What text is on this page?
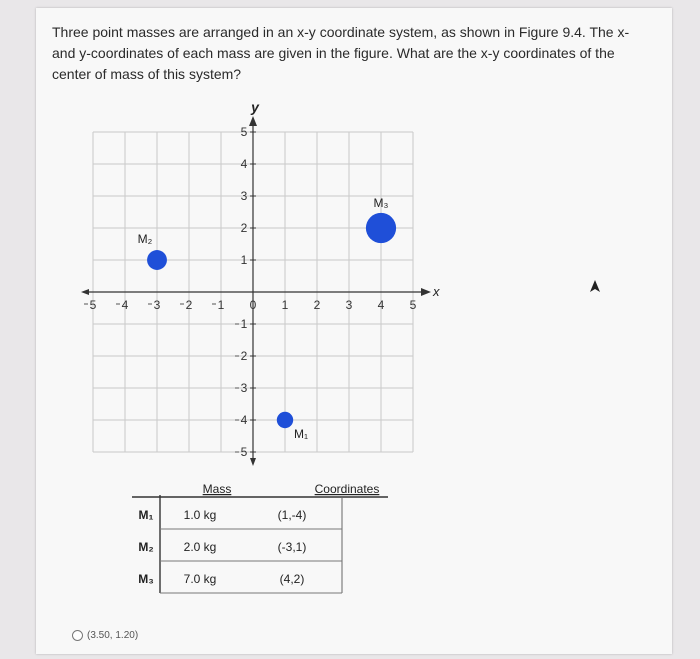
Three point masses are arranged in an x-y coordinate system, as shown in Figure 9.4. The x- and y-coordinates of each mass are given in the figure. What are the x-y coordinates of the center of mass of this system?
x
y
5 4 3 2 1 0 1 2 3 4 5
5
4
3
2
1
1
2
3
4
5
M₁
M₂
M₃
Mass	Coordinates
M₁	1.0 kg	(1,-4)
M₂ 2.0 kg	(-3,1)
M₃ 7.0 kg	(4,2)
(3.50, 1.20)
